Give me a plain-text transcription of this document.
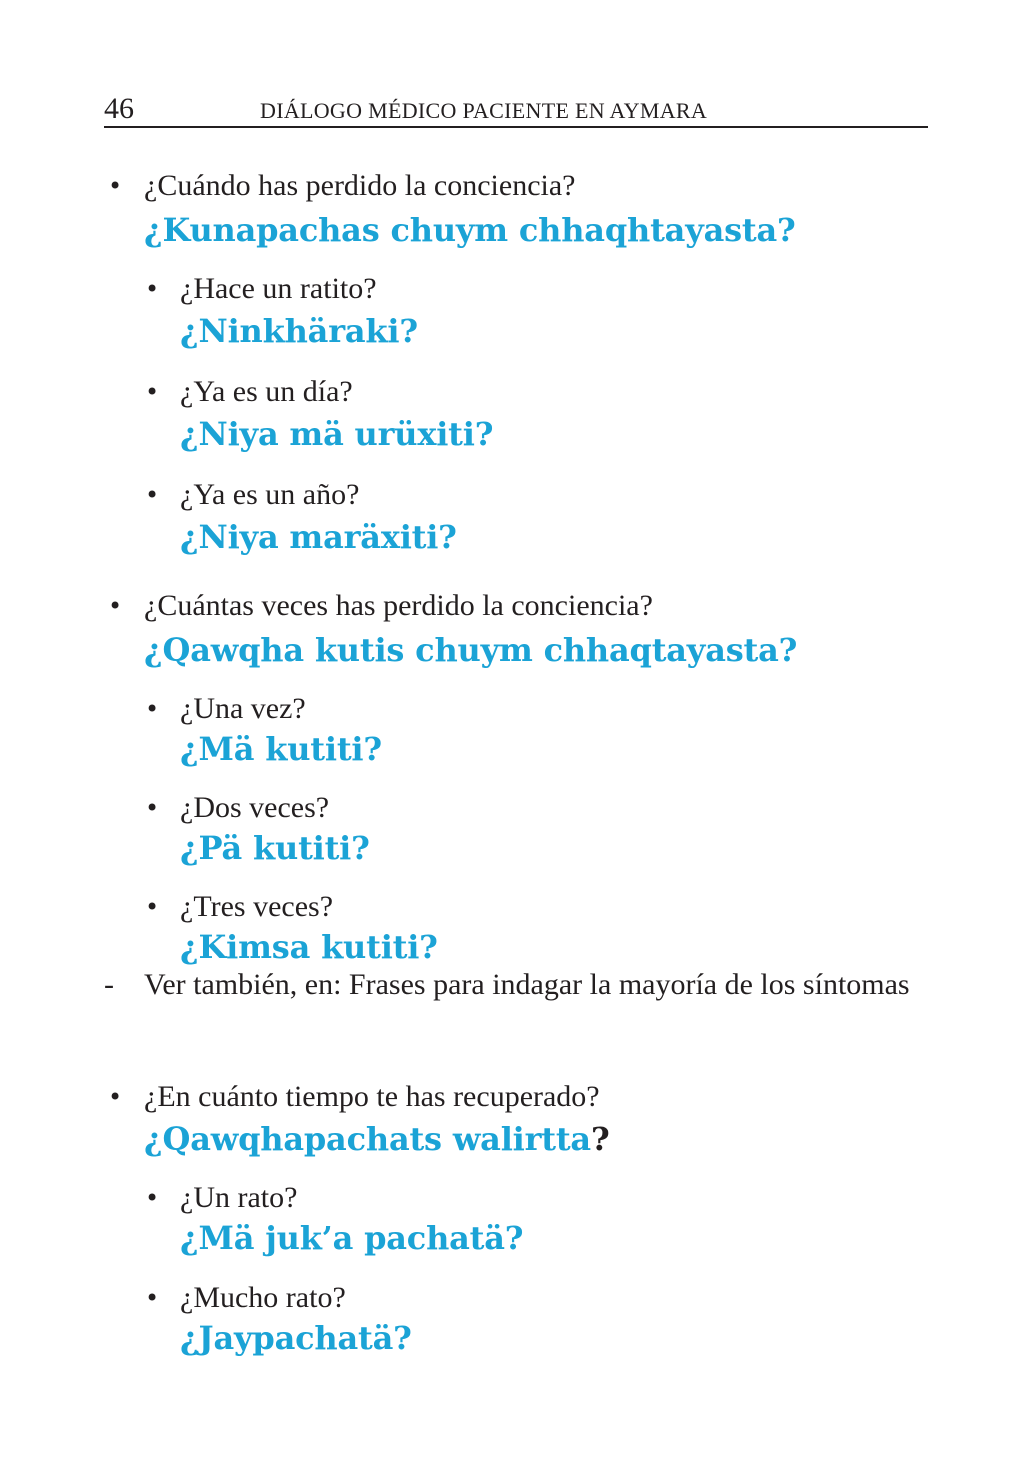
46	DIÁLOGO MÉDICO PACIENTE EN AYMARA
• ¿Cuándo has perdido la conciencia?
¿Kunapachas chuym chhaqhtayasta?
• ¿Hace un ratito?
¿Ninkhäraki?
• ¿Ya es un día?
¿Niya mä urüxiti?
• ¿Ya es un año?
¿Niya maräxiti?
• ¿Cuántas veces has perdido la conciencia?
¿Qawqha kutis chuym chhaqtayasta?
• ¿Una vez?
¿Mä kutiti?
• ¿Dos veces?
¿Pä kutiti?
• ¿Tres veces?
¿Kimsa kutiti?
- Ver también, en: Frases para indagar la mayoría de los síntomas
• ¿En cuánto tiempo te has recuperado?
¿Qawqhapachats walirtta?
• ¿Un rato?
¿Mä juk’a pachatä?
• ¿Mucho rato?
¿Jaypachatä?
